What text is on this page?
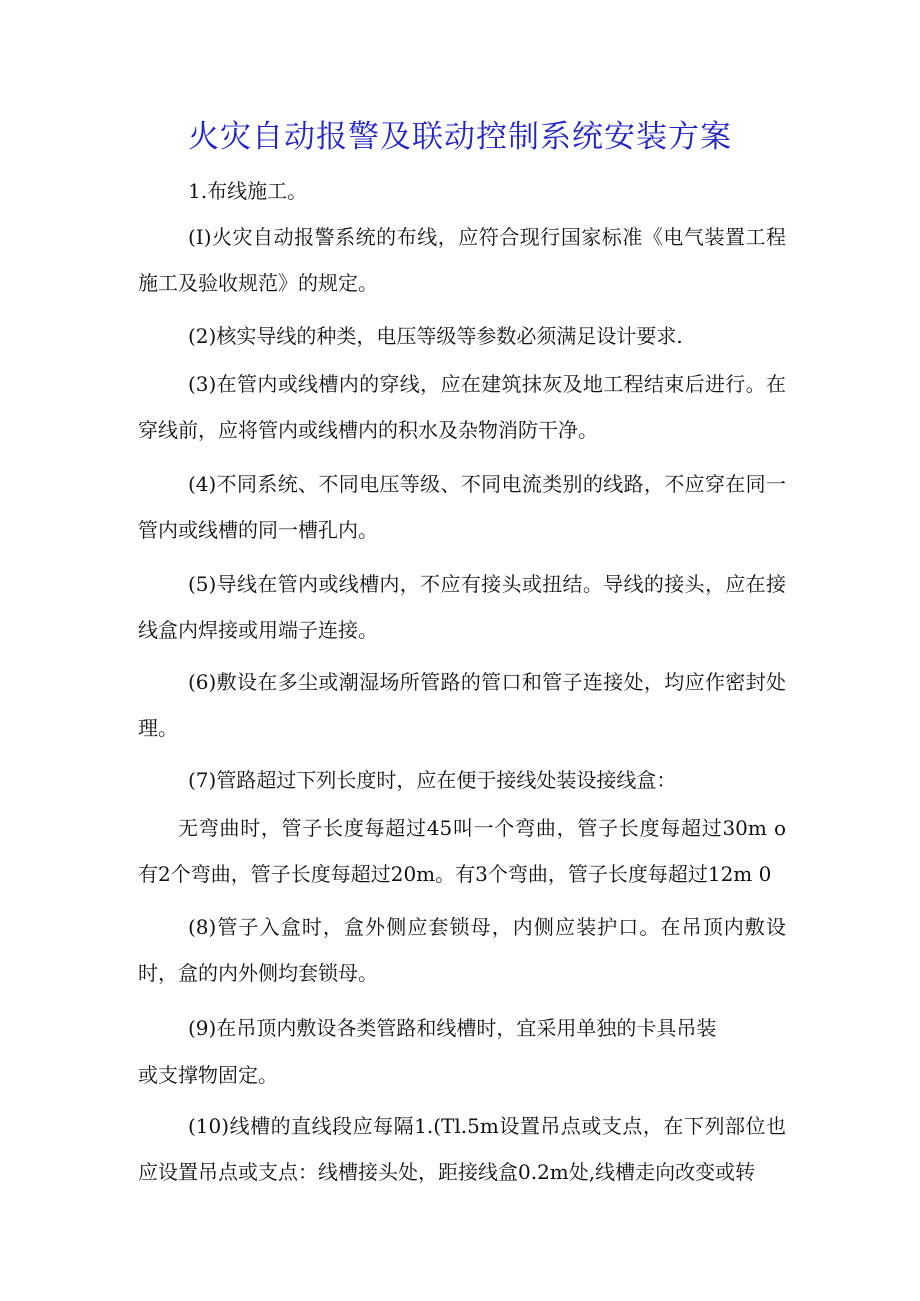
火灾自动报警及联动控制系统安装方案

1.布线施工。

(I)火灾自动报警系统的布线，应符合现行国家标准《电气装置工程施工及验收规范》的规定。

(2)核实导线的种类，电压等级等参数必须满足设计要求.

(3)在管内或线槽内的穿线，应在建筑抹灰及地工程结束后进行。在穿线前，应将管内或线槽内的积水及杂物消防干净。

(4)不同系统、不同电压等级、不同电流类别的线路，不应穿在同一管内或线槽的同一槽孔内。

(5)导线在管内或线槽内，不应有接头或扭结。导线的接头，应在接线盒内焊接或用端子连接。

(6)敷设在多尘或潮湿场所管路的管口和管子连接处，均应作密封处理。

(7)管路超过下列长度时，应在便于接线处装设接线盒：

无弯曲时，管子长度每超过45叫一个弯曲，管子长度每超过30m o有2个弯曲，管子长度每超过20m。有3个弯曲，管子长度每超过12m 0

(8)管子入盒时，盒外侧应套锁母，内侧应装护口。在吊顶内敷设时，盒的内外侧均套锁母。

(9)在吊顶内敷设各类管路和线槽时，宜采用单独的卡具吊装

或支撑物固定。

(10)线槽的直线段应每隔1.(Tl.5m设置吊点或支点，在下列部位也应设置吊点或支点：线槽接头处，距接线盒0.2m处,线槽走向改变或转
